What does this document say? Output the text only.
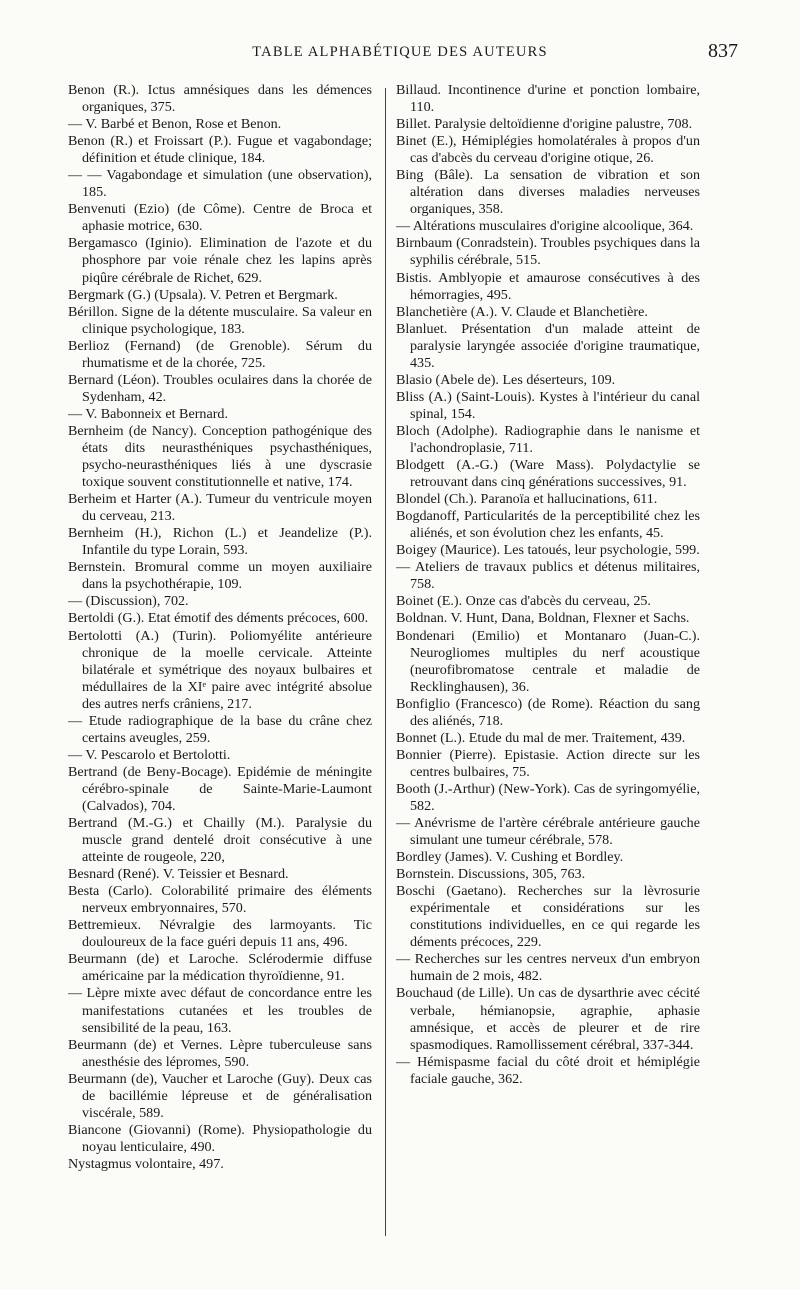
TABLE ALPHABÉTIQUE DES AUTEURS	837

Benon (R.). Ictus amnésiques dans les démences organiques, 375.

— V. Barbé et Benon, Rose et Benon.

Benon (R.) et Froissart (P.). Fugue et vagabondage; définition et étude clinique, 184.

— — Vagabondage et simulation (une observation), 185.

Benvenuti (Ezio) (de Côme). Centre de Broca et aphasie motrice, 630.

Bergamasco (Iginio). Elimination de l'azote et du phosphore par voie rénale chez les lapins après piqûre cérébrale de Richet, 629.

Bergmark (G.) (Upsala). V. Petren et Bergmark.

Bérillon. Signe de la détente musculaire. Sa valeur en clinique psychologique, 183.

Berlioz (Fernand) (de Grenoble). Sérum du rhumatisme et de la chorée, 725.

Bernard (Léon). Troubles oculaires dans la chorée de Sydenham, 42.

— V. Babonneix et Bernard.

Bernheim (de Nancy). Conception pathogénique des états dits neurasthéniques psychasthéniques, psycho-neurasthéniques liés à une dyscrasie toxique souvent constitutionnelle et native, 174.

Berheim et Harter (A.). Tumeur du ventricule moyen du cerveau, 213.

Bernheim (H.), Richon (L.) et Jeandelize (P.). Infantile du type Lorain, 593.

Bernstein. Bromural comme un moyen auxiliaire dans la psychothérapie, 109.

— (Discussion), 702.

Bertoldi (G.). Etat émotif des déments précoces, 600.

Bertolotti (A.) (Turin). Poliomyélite antérieure chronique de la moelle cervicale. Atteinte bilatérale et symétrique des noyaux bulbaires et médullaires de la XIᵉ paire avec intégrité absolue des autres nerfs crâniens, 217.

— Etude radiographique de la base du crâne chez certains aveugles, 259.

— V. Pescarolo et Bertolotti.

Bertrand (de Beny-Bocage). Epidémie de méningite cérébro-spinale de Sainte-Marie-Laumont (Calvados), 704.

Bertrand (M.-G.) et Chailly (M.). Paralysie du muscle grand dentelé droit consécutive à une atteinte de rougeole, 220,

Besnard (René). V. Teissier et Besnard.

Besta (Carlo). Colorabilité primaire des éléments nerveux embryonnaires, 570.

Bettremieux. Névralgie des larmoyants. Tic douloureux de la face guéri depuis 11 ans, 496.

Beurmann (de) et Laroche. Sclérodermie diffuse américaine par la médication thyroïdienne, 91.

— Lèpre mixte avec défaut de concordance entre les manifestations cutanées et les troubles de sensibilité de la peau, 163.

Beurmann (de) et Vernes. Lèpre tuberculeuse sans anesthésie des lépromes, 590.

Beurmann (de), Vaucher et Laroche (Guy). Deux cas de bacillémie lépreuse et de généralisation viscérale, 589.

Biancone (Giovanni) (Rome). Physiopathologie du noyau lenticulaire, 490.

Nystagmus volontaire, 497.

Billaud. Incontinence d'urine et ponction lombaire, 110.

Billet. Paralysie deltoïdienne d'origine palustre, 708.

Binet (E.), Hémiplégies homolatérales à propos d'un cas d'abcès du cerveau d'origine otique, 26.

Bing (Bâle). La sensation de vibration et son altération dans diverses maladies nerveuses organiques, 358.

— Altérations musculaires d'origine alcoolique, 364.

Birnbaum (Conradstein). Troubles psychiques dans la syphilis cérébrale, 515.

Bistis. Amblyopie et amaurose consécutives à des hémorragies, 495.

Blanchetière (A.). V. Claude et Blanchetière.

Blanluet. Présentation d'un malade atteint de paralysie laryngée associée d'origine traumatique, 435.

Blasio (Abele de). Les déserteurs, 109.

Bliss (A.) (Saint-Louis). Kystes à l'intérieur du canal spinal, 154.

Bloch (Adolphe). Radiographie dans le nanisme et l'achondroplasie, 711.

Blodgett (A.-G.) (Ware Mass). Polydactylie se retrouvant dans cinq générations successives, 91.

Blondel (Ch.). Paranoïa et hallucinations, 611.

Bogdanoff, Particularités de la perceptibilité chez les aliénés, et son évolution chez les enfants, 45.

Boigey (Maurice). Les tatoués, leur psychologie, 599.

— Ateliers de travaux publics et détenus militaires, 758.

Boinet (E.). Onze cas d'abcès du cerveau, 25.

Boldnan. V. Hunt, Dana, Boldnan, Flexner et Sachs.

Bondenari (Emilio) et Montanaro (Juan-C.). Neurogliomes multiples du nerf acoustique (neurofibromatose centrale et maladie de Recklinghausen), 36.

Bonfiglio (Francesco) (de Rome). Réaction du sang des aliénés, 718.

Bonnet (L.). Etude du mal de mer. Traitement, 439.

Bonnier (Pierre). Epistasie. Action directe sur les centres bulbaires, 75.

Booth (J.-Arthur) (New-York). Cas de syringomyélie, 582.

— Anévrisme de l'artère cérébrale antérieure gauche simulant une tumeur cérébrale, 578.

Bordley (James). V. Cushing et Bordley.

Bornstein. Discussions, 305, 763.

Boschi (Gaetano). Recherches sur la lèvrosurie expérimentale et considérations sur les constitutions individuelles, en ce qui regarde les déments précoces, 229.

— Recherches sur les centres nerveux d'un embryon humain de 2 mois, 482.

Bouchaud (de Lille). Un cas de dysarthrie avec cécité verbale, hémianopsie, agraphie, aphasie amnésique, et accès de pleurer et de rire spasmodiques. Ramollissement cérébral, 337-344.

— Hémispasme facial du côté droit et hémiplégie faciale gauche, 362.
